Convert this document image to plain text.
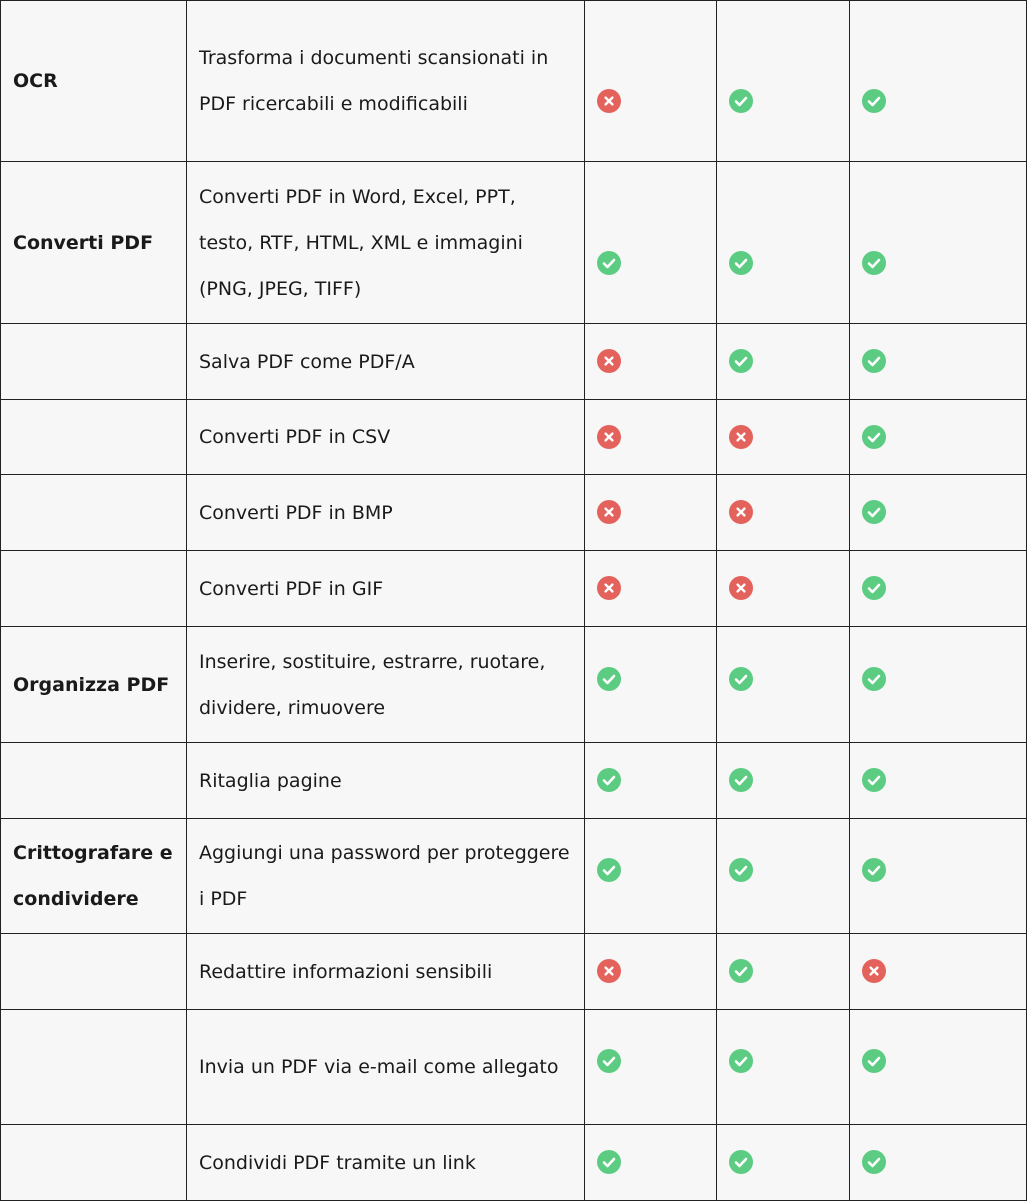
OCR	Trasforma i documenti scansionati in PDF ricercabili e modificabili	

Converti PDF	Converti PDF in Word, Excel, PPT, testo, RTF, HTML, XML e immagini (PNG, JPEG, TIFF)	

	Salva PDF come PDF/A	

	Converti PDF in CSV	

	Converti PDF in BMP	

	Converti PDF in GIF	

Organizza PDF	Inserire, sostituire, estrarre, ruotare, dividere, rimuovere	

	Ritaglia pagine	

Crittografare e condividere	Aggiungi una password per proteggere i PDF	

	Redattire informazioni sensibili	

	Invia un PDF via e-mail come allegato	

	Condividi PDF tramite un link	
